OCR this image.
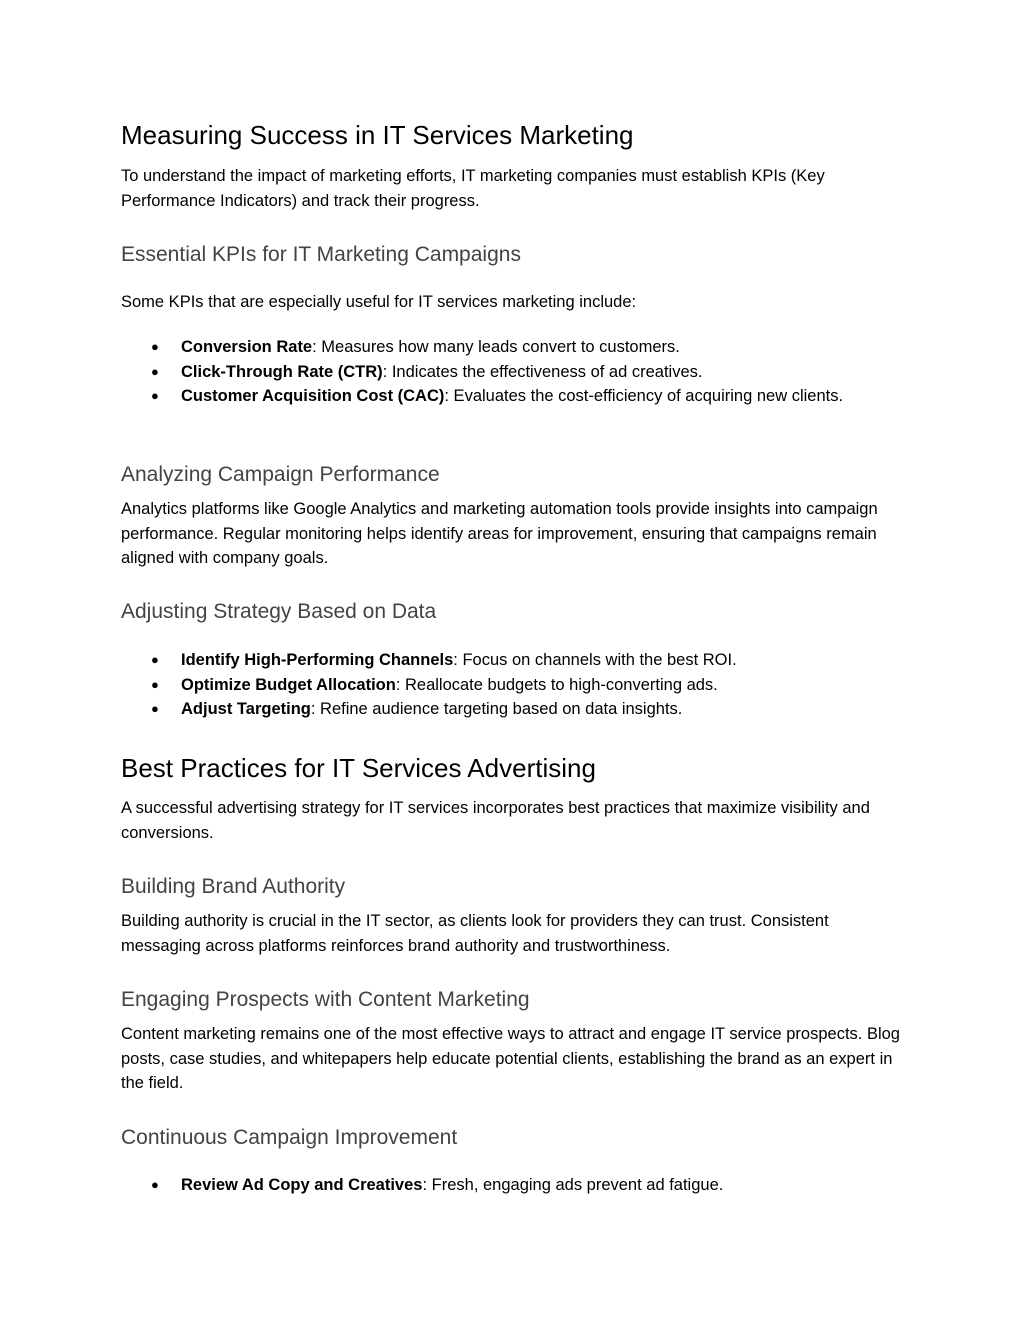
Measuring Success in IT Services Marketing

To understand the impact of marketing efforts, IT marketing companies must establish KPIs (Key Performance Indicators) and track their progress.

Essential KPIs for IT Marketing Campaigns

Some KPIs that are especially useful for IT services marketing include:

● Conversion Rate: Measures how many leads convert to customers.
● Click-Through Rate (CTR): Indicates the effectiveness of ad creatives.
● Customer Acquisition Cost (CAC): Evaluates the cost-efficiency of acquiring new clients.
Analyzing Campaign Performance

Analytics platforms like Google Analytics and marketing automation tools provide insights into campaign performance. Regular monitoring helps identify areas for improvement, ensuring that campaigns remain aligned with company goals.

Adjusting Strategy Based on Data
● Identify High-Performing Channels: Focus on channels with the best ROI.
● Optimize Budget Allocation: Reallocate budgets to high-converting ads.
● Adjust Targeting: Refine audience targeting based on data insights.
Best Practices for IT Services Advertising

A successful advertising strategy for IT services incorporates best practices that maximize visibility and conversions.

Building Brand Authority

Building authority is crucial in the IT sector, as clients look for providers they can trust. Consistent messaging across platforms reinforces brand authority and trustworthiness.

Engaging Prospects with Content Marketing

Content marketing remains one of the most effective ways to attract and engage IT service prospects. Blog posts, case studies, and whitepapers help educate potential clients, establishing the brand as an expert in the field.

Continuous Campaign Improvement
● Review Ad Copy and Creatives: Fresh, engaging ads prevent ad fatigue.
